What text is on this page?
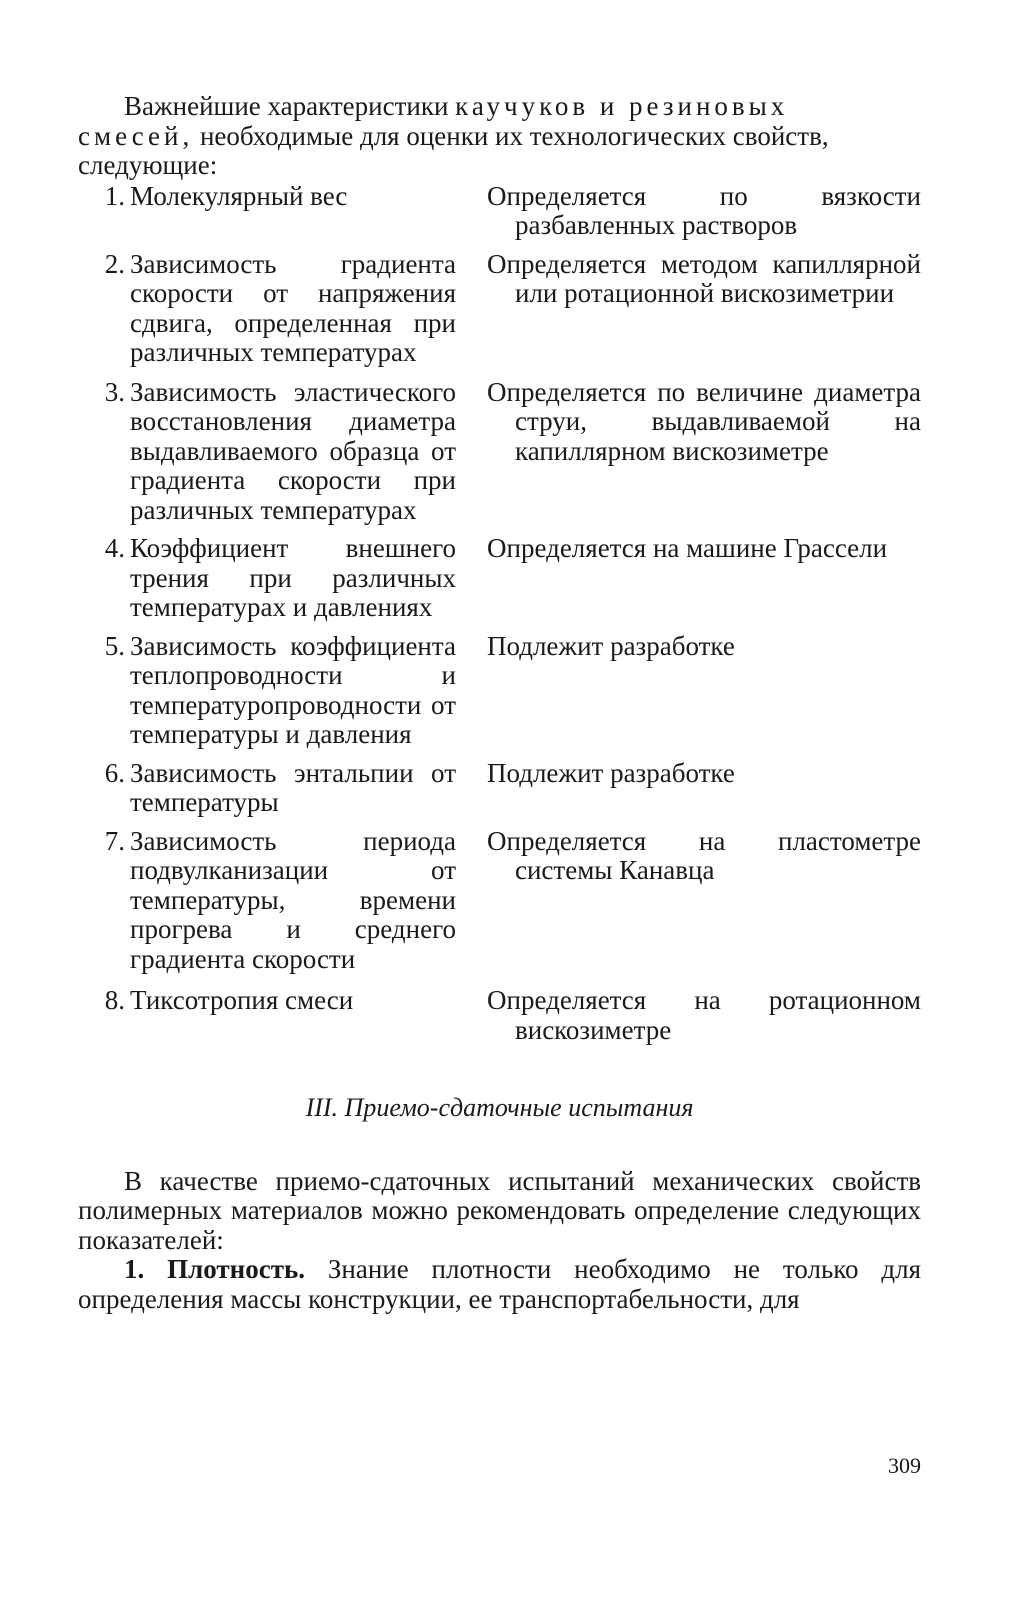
Важнейшие характеристики каучуков и резиновых

смесей, необходимые для оценки их технологических свойств,

следующие:

1. Молекулярный вес	Определяется по вязкости разбавленных растворов
2. Зависимость градиента скорости от напряжения сдвига, определенная при различных температурах
Определяется методом капиллярной или ротационной вискозиметрии
3. Зависимость эластического восстановления диаметра выдавливаемого образца от градиента скорости при различных температурах
Определяется по величине диаметра струи, выдавливаемой на капиллярном вискозиметре
4. Коэффициент внешнего трения при различных температурах и давлениях
Определяется на машине Грассели
5. Зависимость коэффициента теплопроводности и температуропроводности от температуры и давления
Подлежит разработке
6. Зависимость энтальпии от температуры
Подлежит разработке
7. Зависимость периода подвулканизации от температуры, времени прогрева и среднего градиента скорости
Определяется на пластометре системы Канавца
8. Тиксотропия смеси	Определяется на ротационном вискозиметре
III. Приемо-сдаточные испытания

В качестве приемо-сдаточных испытаний механических свойств полимерных материалов можно рекомендовать определение следующих показателей:

1. Плотность. Знание плотности необходимо не только для определения массы конструкции, ее транспортабельности, для

309
